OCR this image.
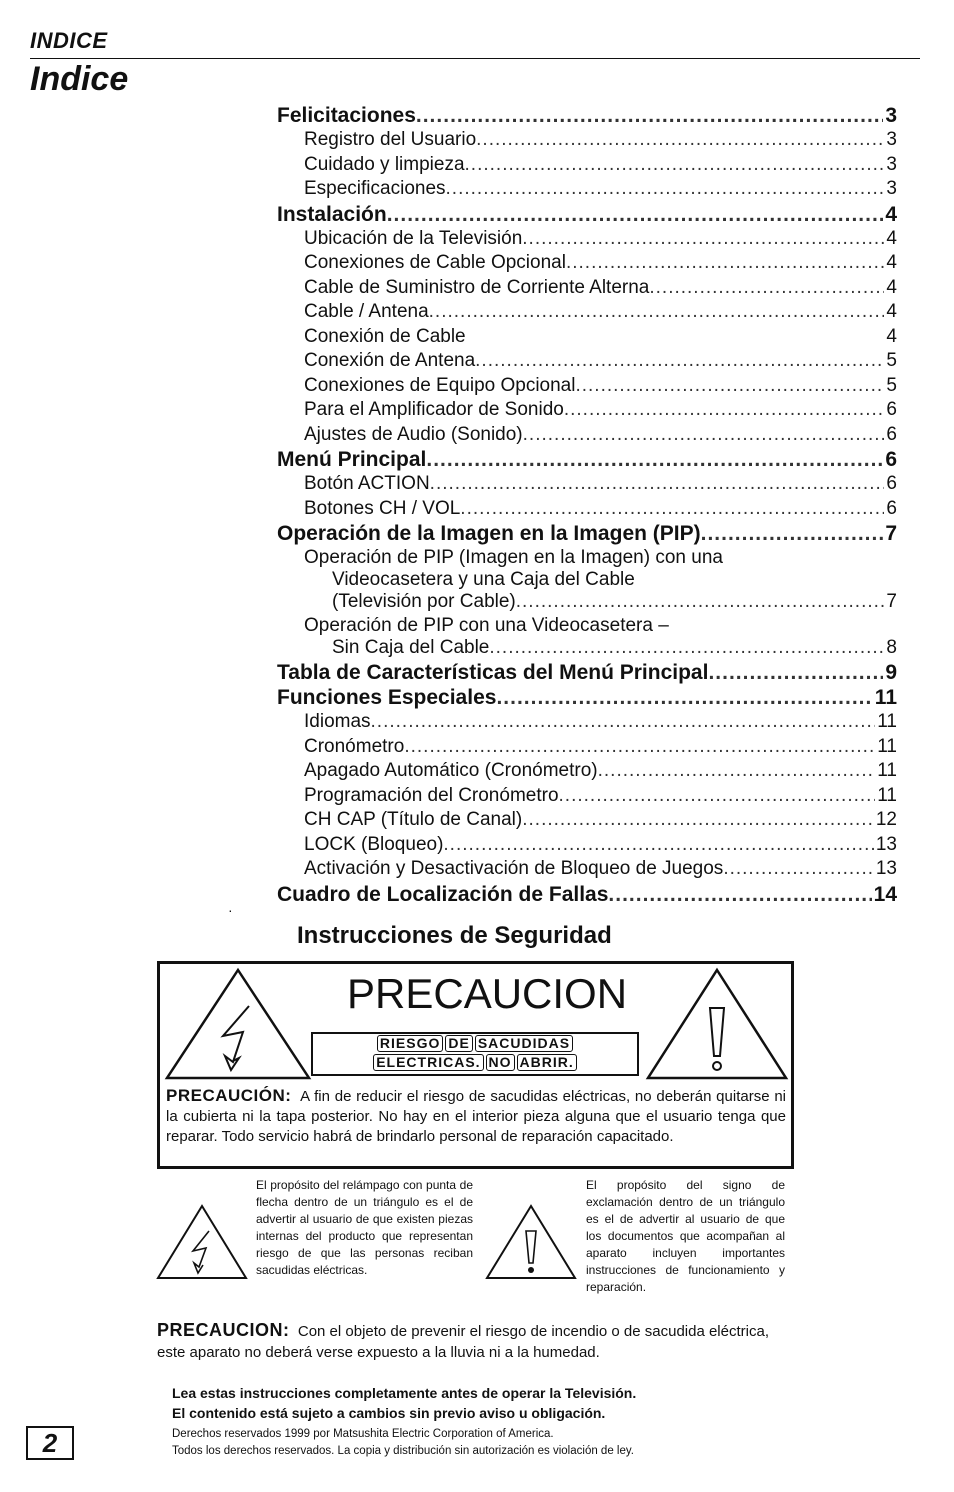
INDICE
Indice
Felicitaciones .....	3
Registro del Usuario .....	3
Cuidado y limpieza .....	3
Especificaciones .....	3
Instalación .....	4
Ubicación de la Televisión .....	4
Conexiones de Cable Opcional .....	4
Cable de Suministro de Corriente Alterna .....	4
Cable / Antena .....	4
Conexión de Cable	4
Conexión de Antena .....	5
Conexiones de Equipo Opcional .....	5
Para el Amplificador de Sonido .....	6
Ajustes de Audio (Sonido) .....	6
Menú Principal .....	6
Botón ACTION .....	6
Botones CH / VOL .....	6
Operación de la Imagen en la Imagen (PIP) .....	7
Operación de PIP (Imagen en la Imagen) con una
Videocasetera y una Caja del Cable
(Televisión por Cable) .....	7
Operación de PIP con una Videocasetera –
Sin Caja del Cable .....	8
Tabla de Características del Menú Principal .....	9
Funciones Especiales .....	11
Idiomas .....	11
Cronómetro .....	11
Apagado Automático (Cronómetro) .....	11
Programación del Cronómetro .....	11
CH CAP (Título de Canal) .....	12
LOCK (Bloqueo) .....	13
Activación y Desactivación de Bloqueo de Juegos .....	13
Cuadro de Localización de Fallas .....	14
Instrucciones de Seguridad
PRECAUCION
RIESGO DE SACUDIDAS
ELECTRICAS. NO ABRIR.
PRECAUCIÓN: A fin de reducir el riesgo de sacudidas eléctricas, no deberán quitarse ni la cubierta ni la tapa posterior. No hay en el interior pieza alguna que el usuario tenga que reparar. Todo servicio habrá de brindarlo personal de reparación capacitado.
El propósito del relámpago con punta de flecha dentro de un triángulo es el de advertir al usuario de que existen piezas internas del producto que representan riesgo de que las personas reciban sacudidas eléctricas.
El propósito del signo de exclamación dentro de un triángulo es el de advertir al usuario de que los documentos que acompañan al aparato incluyen importantes instrucciones de funcionamiento y reparación.
PRECAUCION: Con el objeto de prevenir el riesgo de incendio o de sacudida eléctrica, este aparato no deberá verse expuesto a la lluvia ni a la humedad.
Lea estas instrucciones completamente antes de operar la Televisión.
El contenido está sujeto a cambios sin previo aviso u obligación.
Derechos reservados 1999 por Matsushita Electric Corporation of America.
Todos los derechos reservados. La copia y distribución sin autorización es violación de ley.
2
·
